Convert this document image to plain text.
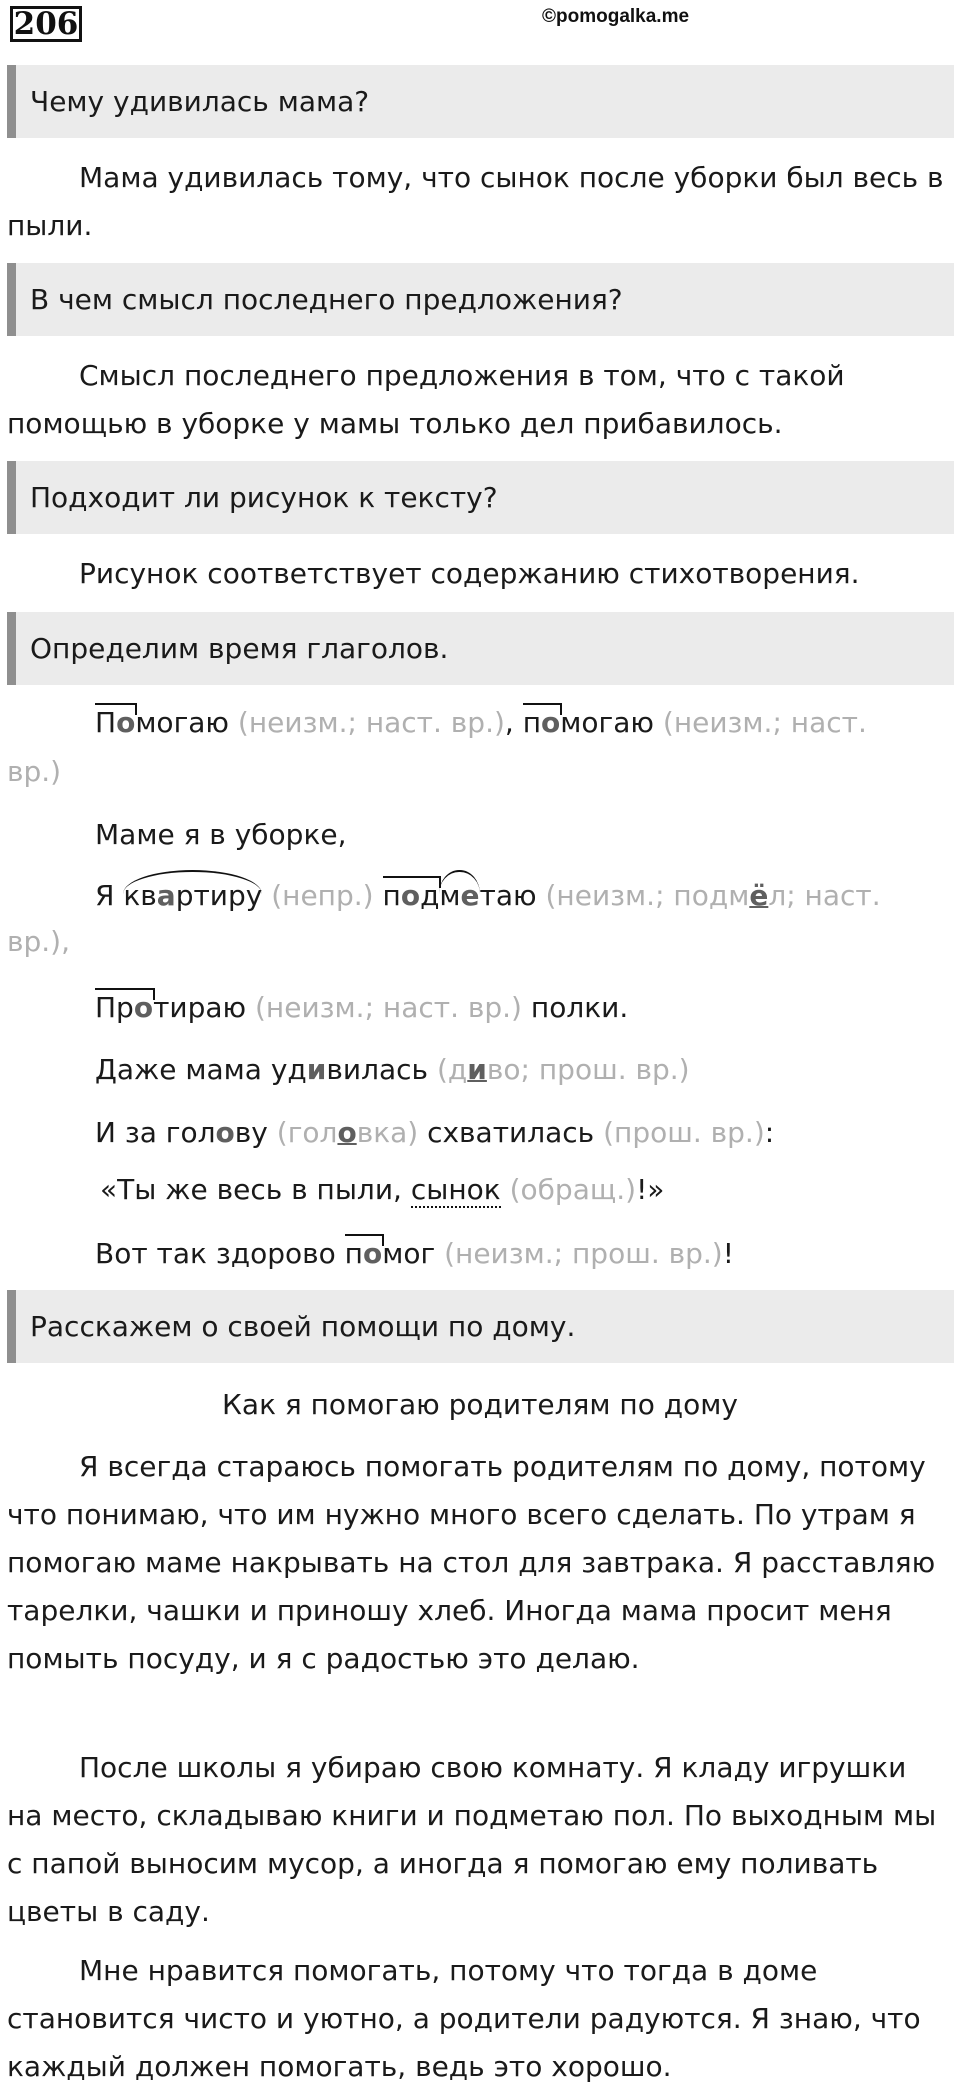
206	©pomogalka.me
Чему удивилась мама?
Мама удивилась тому, что сынок после уборки был весь в пыли.
В чем смысл последнего предложения?
Смысл последнего предложения в том, что с такой помощью в уборке у мамы только дел прибавилось.
Подходит ли рисунок к тексту?
Рисунок соответствует содержанию стихотворения.
Определим время глаголов.
Помогаю (неизм.; наст. вр.), помогаю (неизм.; наст.
вр.)
Маме я в уборке,
Я квартиру (непр.) подметаю (неизм.; подмёл; наст.
вр.),
Протираю (неизм.; наст. вр.) полки.
Даже мама удивилась (диво; прош. вр.)
И за голову (головка) схватилась (прош. вр.):
«Ты же весь в пыли, сынок (обращ.)!»
Вот так здорово помог (неизм.; прош. вр.)!
Расскажем о своей помощи по дому.
Как я помогаю родителям по дому
Я всегда стараюсь помогать родителям по дому, потому что понимаю, что им нужно много всего сделать. По утрам я помогаю маме накрывать на стол для завтрака. Я расставляю тарелки, чашки и приношу хлеб. Иногда мама просит меня помыть посуду, и я с радостью это делаю.
После школы я убираю свою комнату. Я кладу игрушки на место, складываю книги и подметаю пол. По выходным мы с папой выносим мусор, а иногда я помогаю ему поливать цветы в саду.
Мне нравится помогать, потому что тогда в доме становится чисто и уютно, а родители радуются. Я знаю, что каждый должен помогать, ведь это хорошо.
